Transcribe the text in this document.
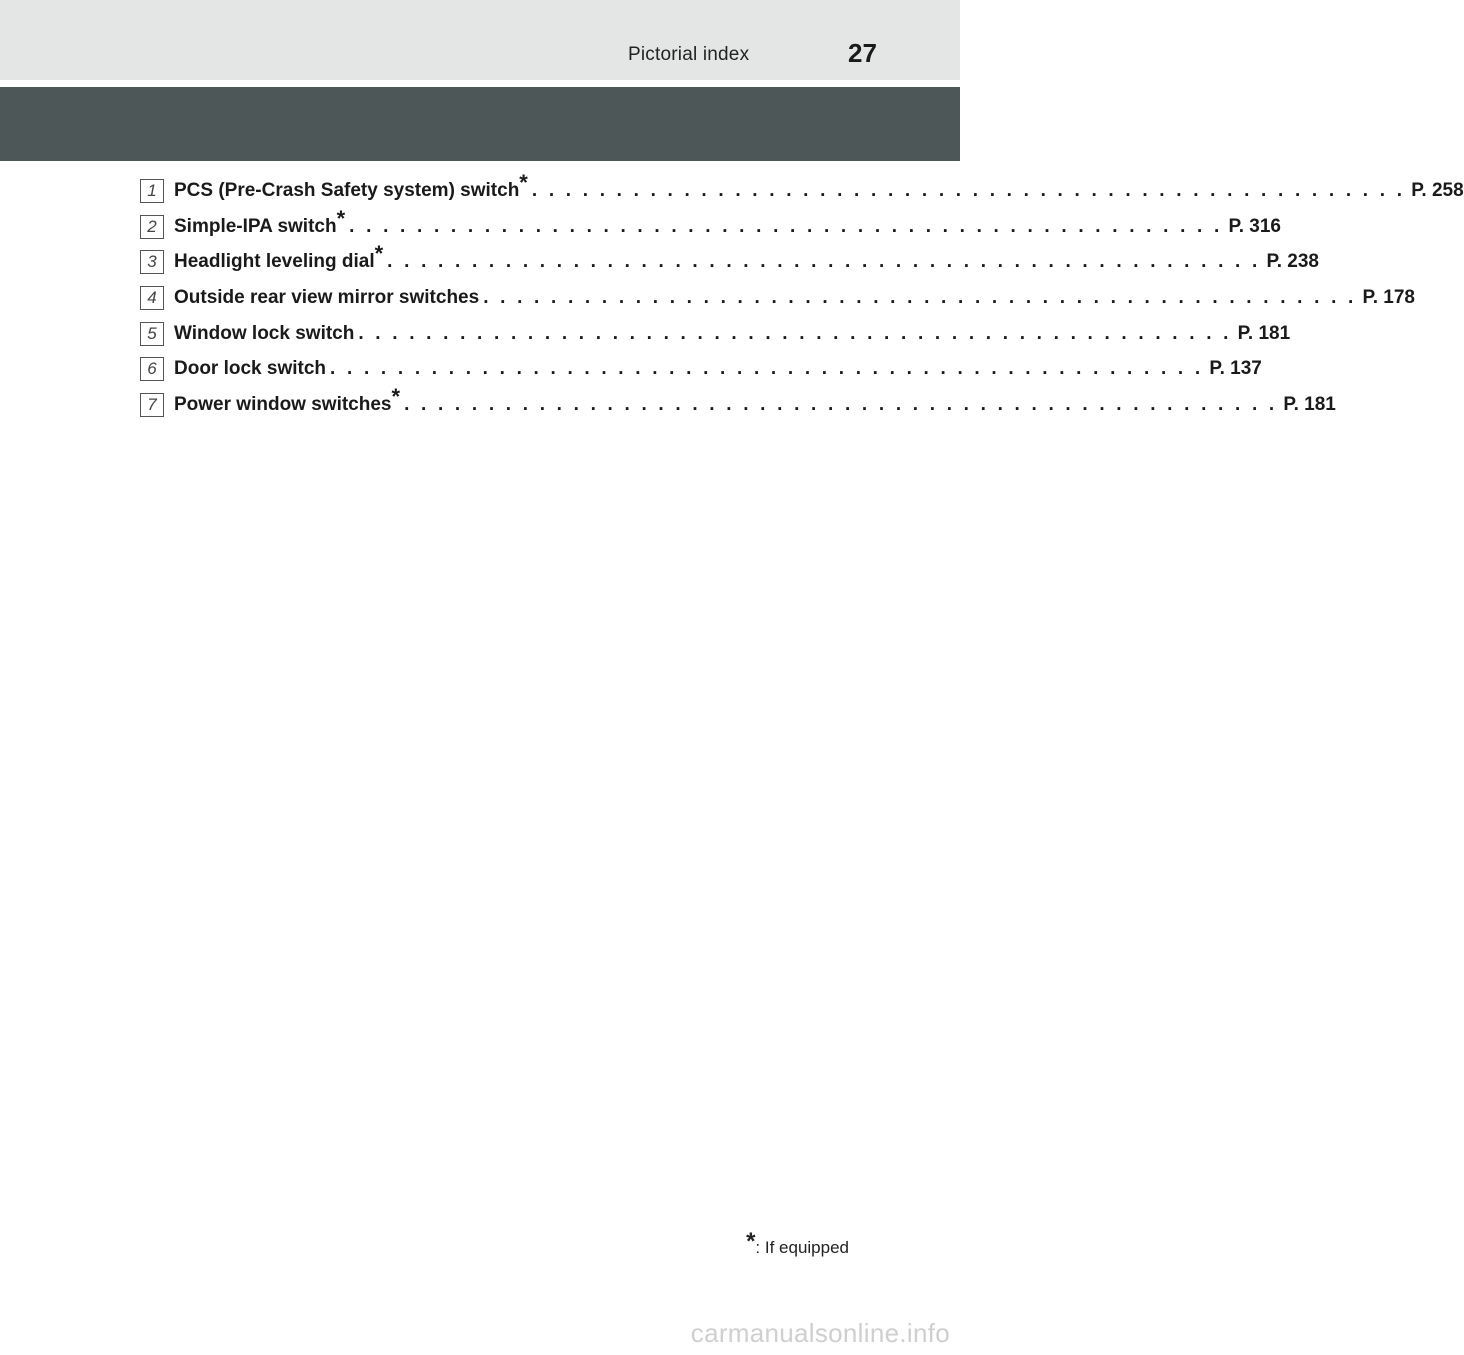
Pictorial index	27
1 PCS (Pre-Crash Safety system) switch* . . . . . . . . . . . . . . . . . . . . . . . . . . . . . . . . . . . . . . . . . . . . . . . . . . . . P. 258
2 Simple-IPA switch* . . . . . . . . . . . . . . . . . . . . . . . . . . . . . . . . . . . . . . . . . . . . . . . . . . . . P. 316
3 Headlight leveling dial* . . . . . . . . . . . . . . . . . . . . . . . . . . . . . . . . . . . . . . . . . . . . . . . . . . . . P. 238
4 Outside rear view mirror switches . . . . . . . . . . . . . . . . . . . . . . . . . . . . . . . . . . . . . . . . . . . . . . . . . . . . P. 178
5 Window lock switch . . . . . . . . . . . . . . . . . . . . . . . . . . . . . . . . . . . . . . . . . . . . . . . . . . . . P. 181
6 Door lock switch . . . . . . . . . . . . . . . . . . . . . . . . . . . . . . . . . . . . . . . . . . . . . . . . . . . . P. 137
7 Power window switches* . . . . . . . . . . . . . . . . . . . . . . . . . . . . . . . . . . . . . . . . . . . . . . . . . . . . P. 181
*: If equipped
carmanualsonline.info
